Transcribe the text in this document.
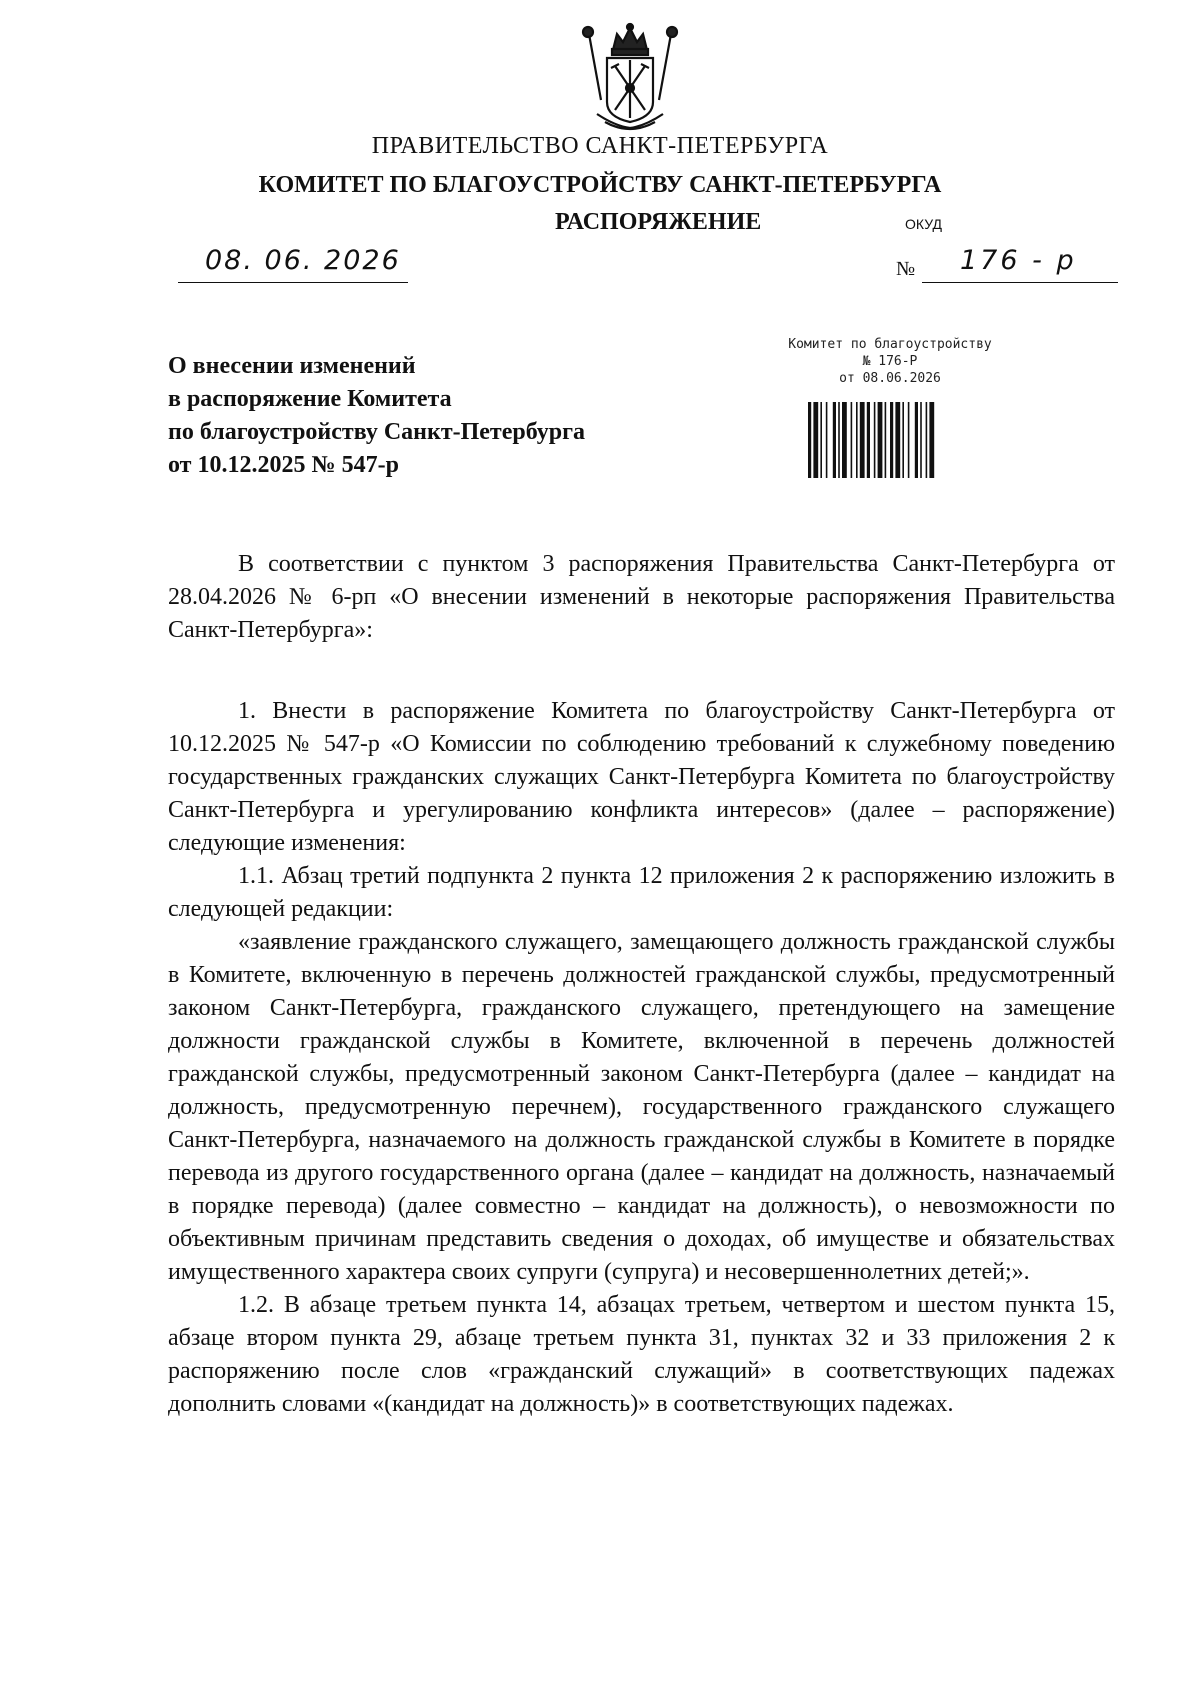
ПРАВИТЕЛЬСТВО САНКТ-ПЕТЕРБУРГА
КОМИТЕТ ПО БЛАГОУСТРОЙСТВУ САНКТ-ПЕТЕРБУРГА
РАСПОРЯЖЕНИЕ	ОКУД
08. 06. 2026	№ 176 - р
О внесении изменений
в распоряжение Комитета
по благоустройству Санкт-Петербурга
от 10.12.2025 № 547-р
Комитет по благоустройству
№ 176-Р
от 08.06.2026
В соответствии с пунктом 3 распоряжения Правительства Санкт-Петербурга от 28.04.2026 № 6-рп «О внесении изменений в некоторые распоряжения Правительства Санкт-Петербурга»:
1. Внести в распоряжение Комитета по благоустройству Санкт-Петербурга от 10.12.2025 № 547-р «О Комиссии по соблюдению требований к служебному поведению государственных гражданских служащих Санкт-Петербурга Комитета по благоустройству Санкт-Петербурга и урегулированию конфликта интересов» (далее – распоряжение) следующие изменения:
1.1. Абзац третий подпункта 2 пункта 12 приложения 2 к распоряжению изложить в следующей редакции:
«заявление гражданского служащего, замещающего должность гражданской службы в Комитете, включенную в перечень должностей гражданской службы, предусмотренный законом Санкт-Петербурга, гражданского служащего, претендующего на замещение должности гражданской службы в Комитете, включенной в перечень должностей гражданской службы, предусмотренный законом Санкт-Петербурга (далее – кандидат на должность, предусмотренную перечнем), государственного гражданского служащего Санкт-Петербурга, назначаемого на должность гражданской службы в Комитете в порядке перевода из другого государственного органа (далее – кандидат на должность, назначаемый в порядке перевода) (далее совместно – кандидат на должность), о невозможности по объективным причинам представить сведения о доходах, об имуществе и обязательствах имущественного характера своих супруги (супруга) и несовершеннолетних детей;».
1.2. В абзаце третьем пункта 14, абзацах третьем, четвертом и шестом пункта 15, абзаце втором пункта 29, абзаце третьем пункта 31, пунктах 32 и 33 приложения 2 к распоряжению после слов «гражданский служащий» в соответствующих падежах дополнить словами «(кандидат на должность)» в соответствующих падежах.
